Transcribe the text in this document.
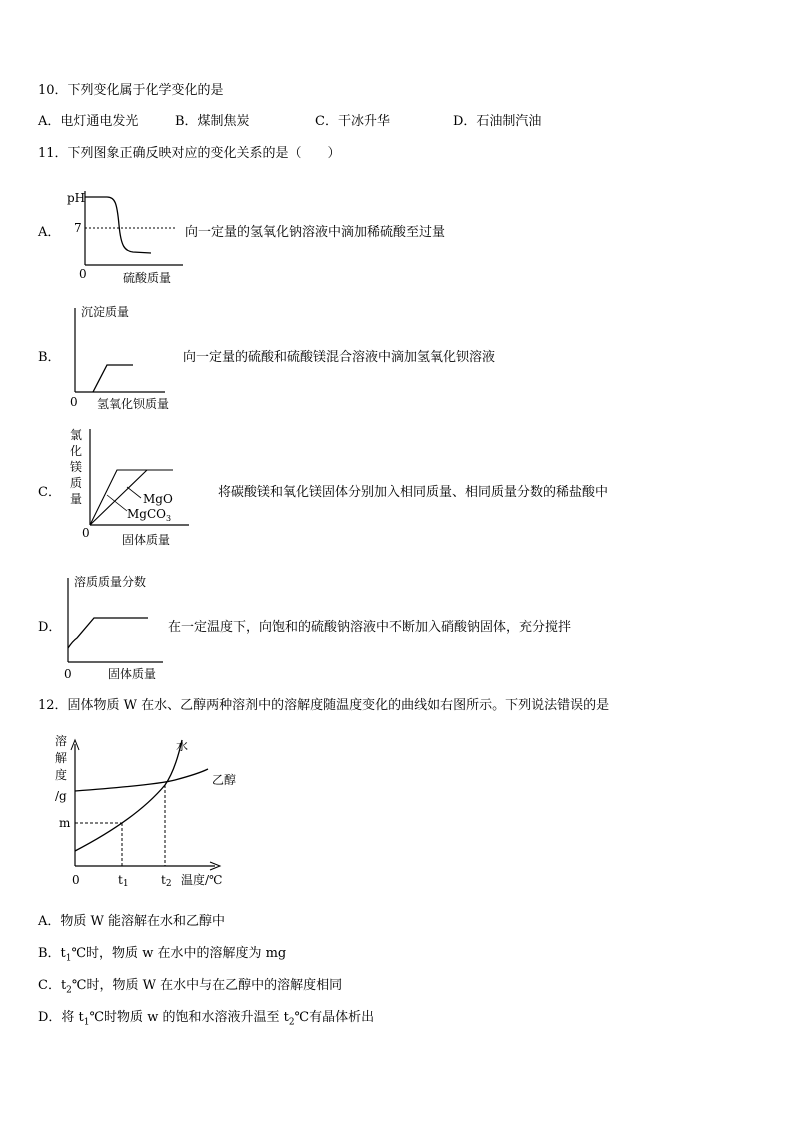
10．下列变化属于化学变化的是
A．电灯通电发光	B．煤制焦炭	C．干冰升华	D．石油制汽油
11．下列图象正确反映对应的变化关系的是（　　）
A．
pH
7
0	硫酸质量
向一定量的氢氧化钠溶液中滴加稀硫酸至过量
B．
沉淀质量
0 氢氧化钡质量
向一定量的硫酸和硫酸镁混合溶液中滴加氢氧化钡溶液
C．
氯
化
镁
质
量	MgO
MgCO$_3$
0	固体质量
将碳酸镁和氧化镁固体分别加入相同质量、相同质量分数的稀盐酸中
D．
溶质质量分数
0	固体质量
在一定温度下，向饱和的硫酸钠溶液中不断加入硝酸钠固体，充分搅拌
12．固体物质 W 在水、乙醇两种溶剂中的溶解度随温度变化的曲线如右图所示。下列说法错误的是
溶
解
度
/g
水
乙醇
m
0	t1	t2 温度/℃
A．物质 W 能溶解在水和乙醇中
B．$t_1℃$时，物质 w 在水中的溶解度为 mg
C．$t_2℃$时，物质 W 在水中与在乙醇中的溶解度相同
D．将 $t_1℃$时物质 w 的饱和水溶液升温至 $t_2℃$有晶体析出
